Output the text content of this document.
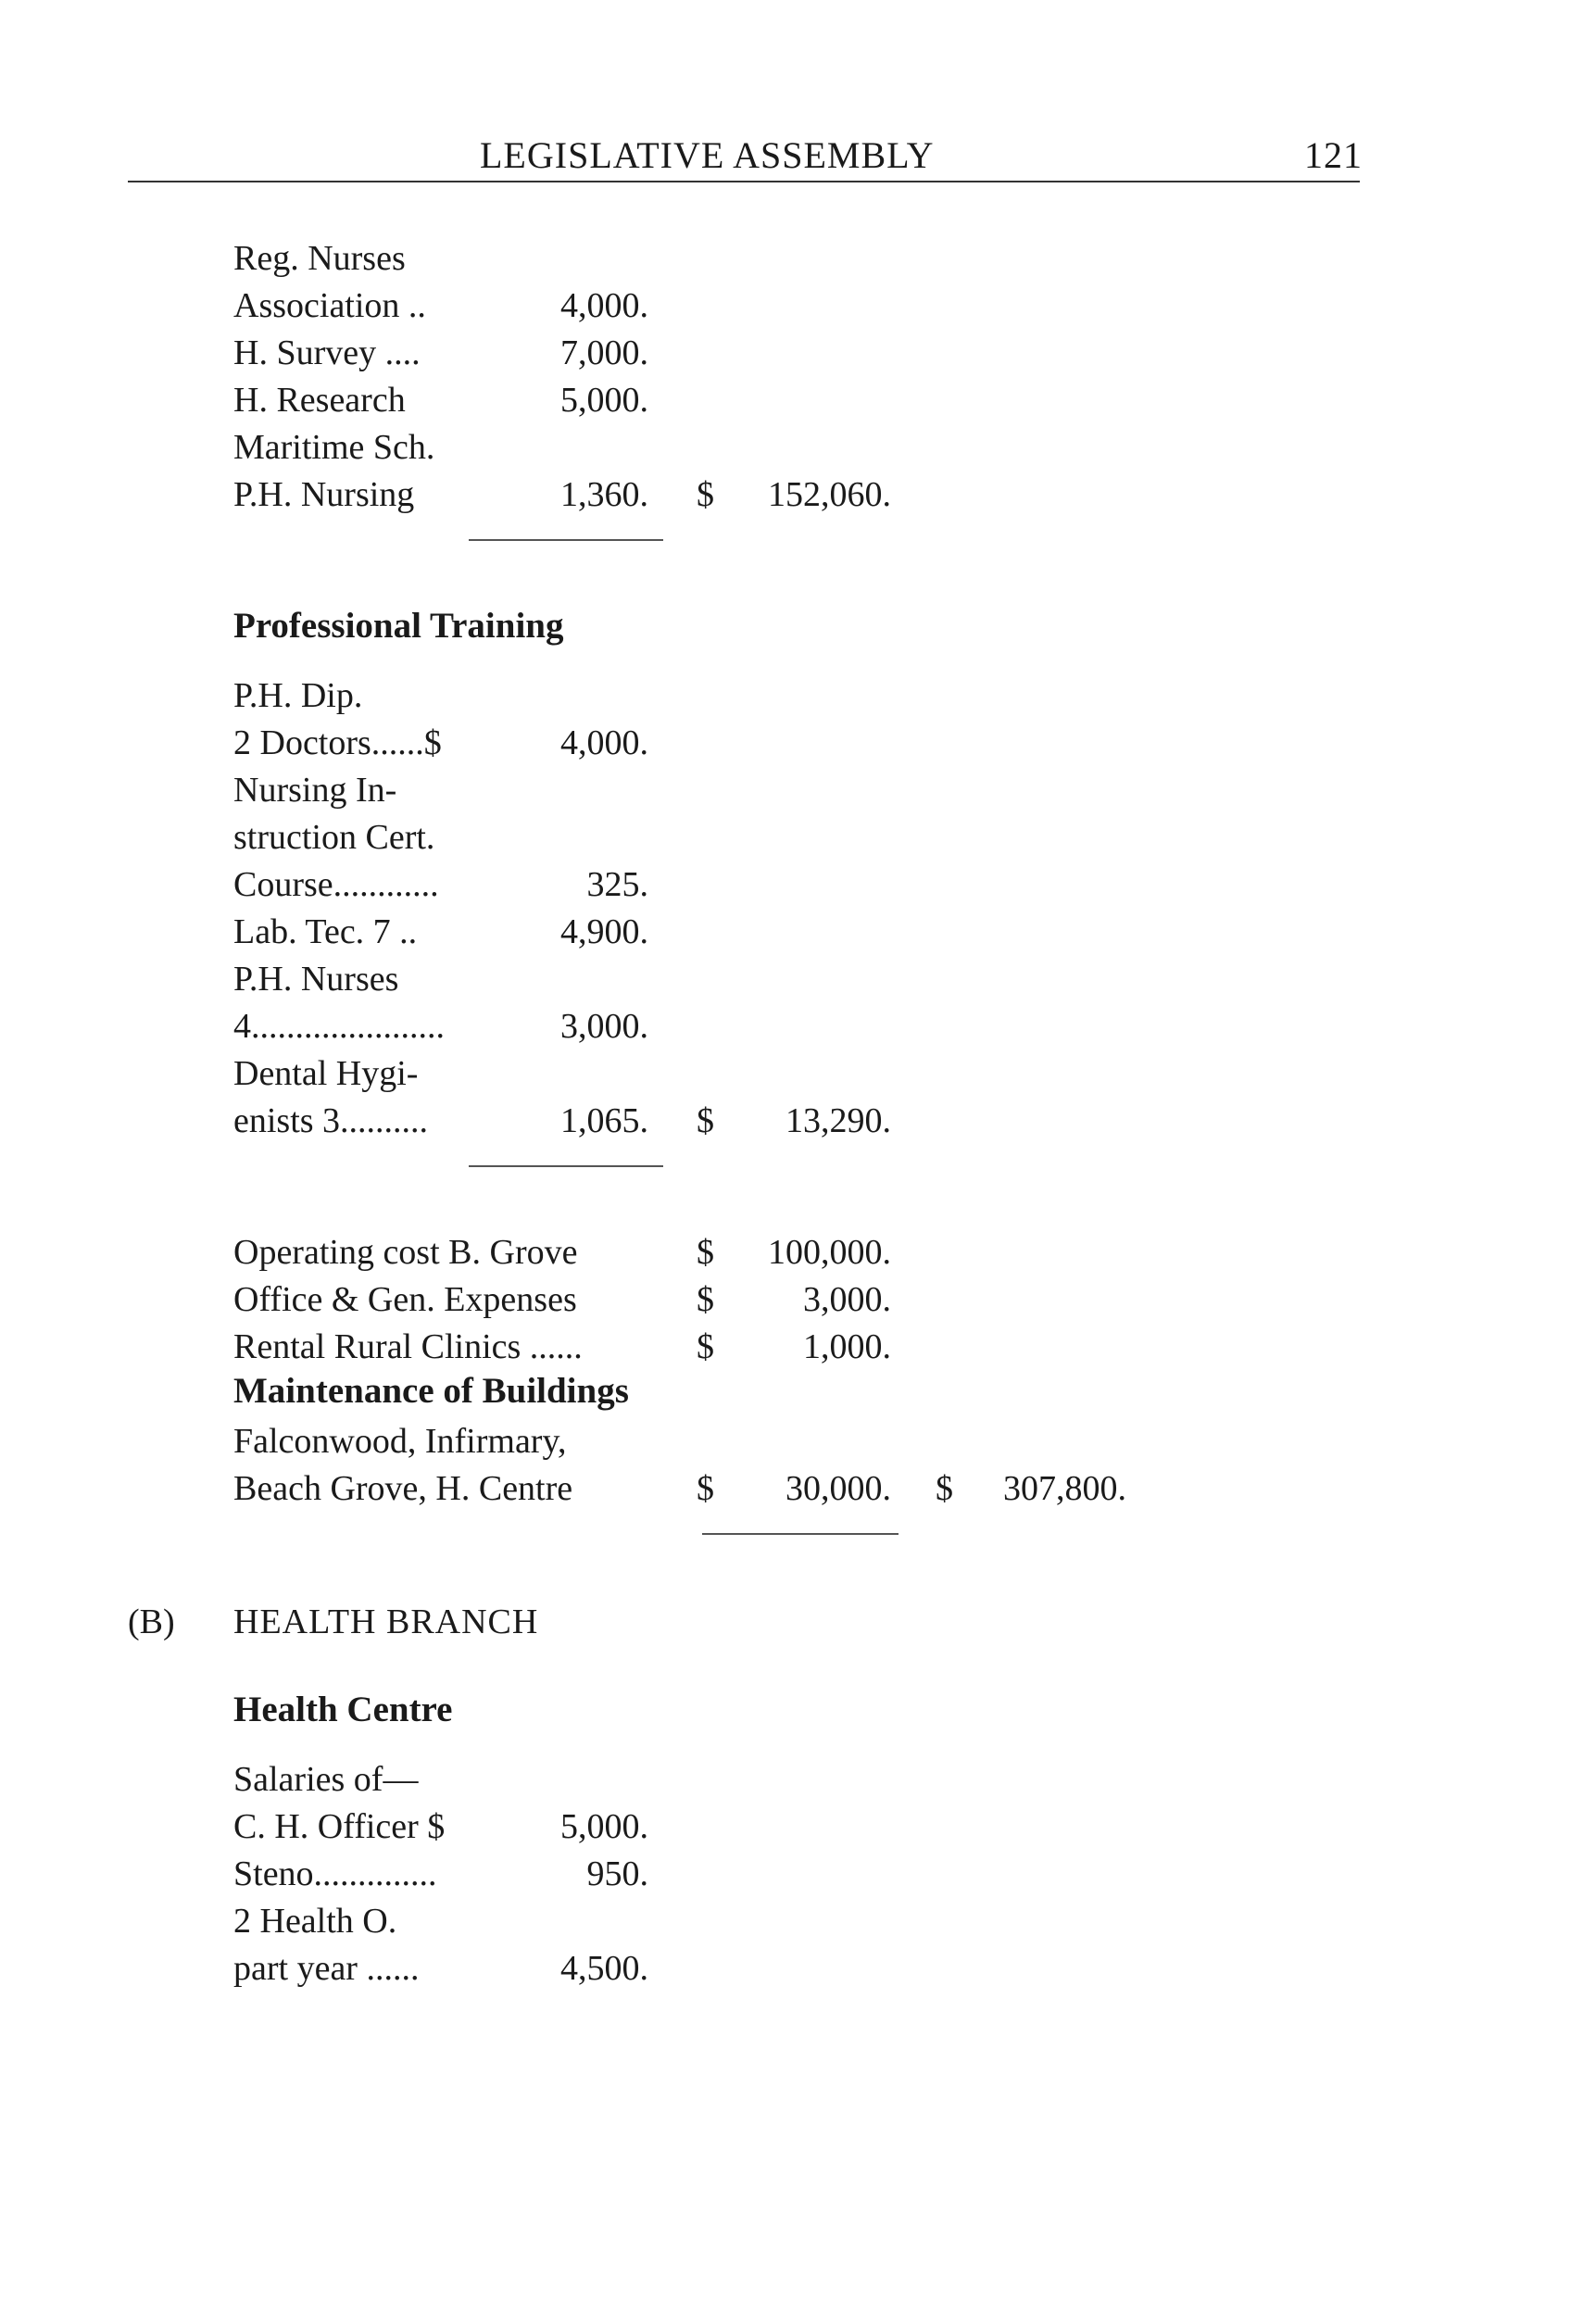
LEGISLATIVE ASSEMBLY	121
Reg. Nurses
Association ..	4,000.
H. Survey ....	7,000.
H. Research	5,000.
Maritime Sch.
P.H. Nursing	1,360. $	152,060.
Professional Training
P.H. Dip.
2 Doctors......$	4,000.
Nursing In-
struction Cert.
Course............	325.
Lab. Tec. 7 ..	4,900.
P.H. Nurses
4......................	3,000.
Dental Hygi-
enists 3..........	1,065. $	13,290.
Operating cost B. Grove	$	100,000.
Office & Gen. Expenses	$	3,000.
Rental Rural Clinics ......	$	1,000.
Maintenance of Buildings
Falconwood, Infirmary,
Beach Grove, H. Centre	$	30,000. $	307,800.
(B) HEALTH BRANCH
Health Centre
Salaries of—
C. H. Officer $	5,000.
Steno..............	950.
2 Health O.
part year ......	4,500.
